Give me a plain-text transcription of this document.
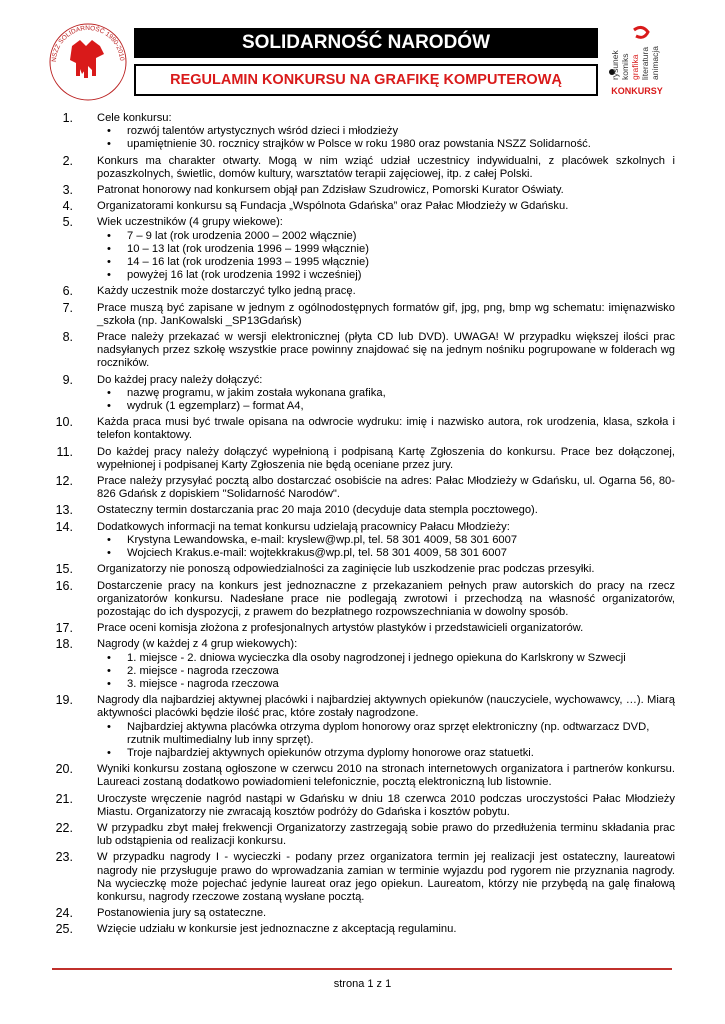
NSZZ SOLIDARNOŚĆ 1980-2010
SOLIDARNOŚĆ NARODÓW
REGULAMIN KONKURSU NA GRAFIKĘ KOMPUTEROWĄ	rysunek komiks grafika literatura animacja
KONKURSY
1. Cele konkursu:
• rozwój talentów artystycznych wśród dzieci i młodzieży
• upamiętnienie 30. rocznicy strajków w Polsce w roku 1980 oraz powstania NSZZ Solidarność.
2. Konkurs ma charakter otwarty. Mogą w nim wziąć udział uczestnicy indywidualni, z placówek szkolnych i pozaszkolnych, świetlic, domów kultury, warsztatów terapii zajęciowej, itp. z całej Polski.
3. Patronat honorowy nad konkursem objął pan Zdzisław Szudrowicz, Pomorski Kurator Oświaty.
4. Organizatorami konkursu są Fundacja „Wspólnota Gdańska” oraz Pałac Młodzieży w Gdańsku.
5. Wiek uczestników (4 grupy wiekowe):
• 7 – 9 lat (rok urodzenia 2000 – 2002 włącznie)
• 10 – 13 lat (rok urodzenia 1996 – 1999 włącznie)
• 14 – 16 lat (rok urodzenia 1993 – 1995 włącznie)
• powyżej 16 lat (rok urodzenia 1992 i wcześniej)
6. Każdy uczestnik może dostarczyć tylko jedną pracę.
7. Prace muszą być zapisane w jednym z ogólnodostępnych formatów gif, jpg, png, bmp wg schematu: imięnazwisko _szkoła (np. JanKowalski _SP13Gdańsk)
8. Prace należy przekazać w wersji elektronicznej (płyta CD lub DVD). UWAGA! W przypadku większej ilości prac nadsyłanych przez szkołę wszystkie prace powinny znajdować się na jednym nośniku pogrupowane w folderach wg roczników.
9. Do każdej pracy należy dołączyć:
• nazwę programu, w jakim została wykonana grafika,
• wydruk (1 egzemplarz) – format A4,
10. Każda praca musi być trwale opisana na odwrocie wydruku: imię i nazwisko autora, rok urodzenia, klasa, szkoła i telefon kontaktowy.
11. Do każdej pracy należy dołączyć wypełnioną i podpisaną Kartę Zgłoszenia do konkursu. Prace bez dołączonej, wypełnionej i podpisanej Karty Zgłoszenia nie będą oceniane przez jury.
12. Prace należy przysyłać pocztą albo dostarczać osobiście na adres: Pałac Młodzieży w Gdańsku, ul. Ogarna 56, 80-826 Gdańsk z dopiskiem "Solidarność Narodów".
13. Ostateczny termin dostarczania prac 20 maja 2010 (decyduje data stempla pocztowego).
14. Dodatkowych informacji na temat konkursu udzielają pracownicy Pałacu Młodzieży:
• Krystyna Lewandowska, e-mail: kryslew@wp.pl, tel. 58 301 4009, 58 301 6007
• Wojciech Krakus.e-mail: wojtekkrakus@wp.pl, tel. 58 301 4009, 58 301 6007
15. Organizatorzy nie ponoszą odpowiedzialności za zaginięcie lub uszkodzenie prac podczas przesyłki.
16. Dostarczenie pracy na konkurs jest jednoznaczne z przekazaniem pełnych praw autorskich do pracy na rzecz organizatorów konkursu. Nadesłane prace nie podlegają zwrotowi i przechodzą na własność organizatorów, pozostając do ich dyspozycji, z prawem do bezpłatnego rozpowszechniania w dowolny sposób.
17. Prace oceni komisja złożona z profesjonalnych artystów plastyków i przedstawicieli organizatorów.
18. Nagrody (w każdej z 4 grup wiekowych):
• 1. miejsce - 2. dniowa wycieczka dla osoby nagrodzonej i jednego opiekuna do Karlskrony w Szwecji
• 2. miejsce - nagroda rzeczowa
• 3. miejsce - nagroda rzeczowa
19. Nagrody dla najbardziej aktywnej placówki i najbardziej aktywnych opiekunów (nauczyciele, wychowawcy, …). Miarą aktywności placówki będzie ilość prac, które zostały nagrodzone.
• Najbardziej aktywna placówka otrzyma dyplom honorowy oraz sprzęt elektroniczny (np. odtwarzacz DVD, rzutnik multimedialny lub inny sprzęt).
• Troje najbardziej aktywnych opiekunów otrzyma dyplomy honorowe oraz statuetki.
20. Wyniki konkursu zostaną ogłoszone w czerwcu 2010 na stronach internetowych organizatora i partnerów konkursu. Laureaci zostaną dodatkowo powiadomieni telefonicznie, pocztą elektroniczną lub listownie.
21. Uroczyste wręczenie nagród nastąpi w Gdańsku w dniu 18 czerwca 2010 podczas uroczystości Pałac Młodzieży Miastu. Organizatorzy nie zwracają kosztów podróży do Gdańska i kosztów pobytu.
22. W przypadku zbyt małej frekwencji Organizatorzy zastrzegają sobie prawo do przedłużenia terminu składania prac lub odstąpienia od realizacji konkursu.
23. W przypadku nagrody I - wycieczki - podany przez organizatora termin jej realizacji jest ostateczny, laureatowi nagrody nie przysługuje prawo do wprowadzania zamian w terminie wyjazdu pod rygorem nie przyznania nagrody. Na wycieczkę może pojechać jedynie laureat oraz jego opiekun. Laureatom, którzy nie przybędą na galę finałową konkursu, nagrody rzeczowe zostaną wysłane pocztą.
24. Postanowienia jury są ostateczne.
25. Wzięcie udziału w konkursie jest jednoznaczne z akceptacją regulaminu.
strona 1 z 1
